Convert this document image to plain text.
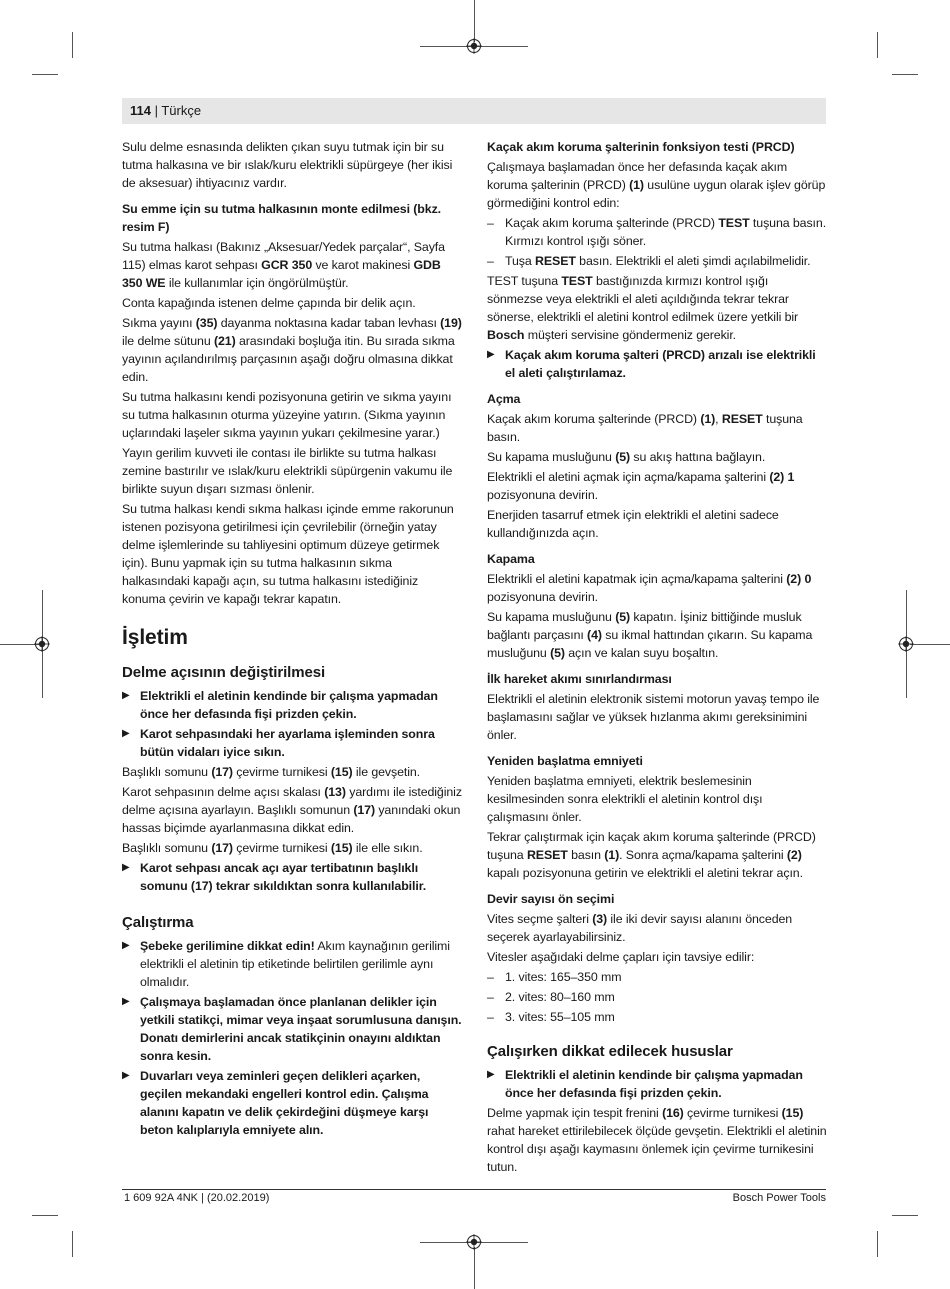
114 | Türkçe

Sulu delme esnasında delikten çıkan suyu tutmak için bir su tutma halkasına ve bir ıslak/kuru elektrikli süpürgeye (her ikisi de aksesuar) ihtiyacınız vardır.

Su emme için su tutma halkasının monte edilmesi (bkz. resim F)

Su tutma halkası (Bakınız „Aksesuar/Yedek parçalar“, Sayfa 115) elmas karot sehpası GCR 350 ve karot makinesi GDB 350 WE ile kullanımlar için öngörülmüştür.

Conta kapağında istenen delme çapında bir delik açın.

Sıkma yayını (35) dayanma noktasına kadar taban levhası (19) ile delme sütunu (21) arasındaki boşluğa itin. Bu sırada sıkma yayının açılandırılmış parçasının aşağı doğru olmasına dikkat edin.

Su tutma halkasını kendi pozisyonuna getirin ve sıkma yayını su tutma halkasının oturma yüzeyine yatırın. (Sıkma yayının uçlarındaki laşeler sıkma yayının yukarı çekilmesine yarar.)

Yayın gerilim kuvveti ile contası ile birlikte su tutma halkası zemine bastırılır ve ıslak/kuru elektrikli süpürgenin vakumu ile birlikte suyun dışarı sızması önlenir.

Su tutma halkası kendi sıkma halkası içinde emme rakorunun istenen pozisyona getirilmesi için çevrilebilir (örneğin yatay delme işlemlerinde su tahliyesini optimum düzeye getirmek için). Bunu yapmak için su tutma halkasının sıkma halkasındaki kapağı açın, su tutma halkasını istediğiniz konuma çevirin ve kapağı tekrar kapatın.

İşletim
Delme açısının değiştirilmesi

▶ Elektrikli el aletinin kendinde bir çalışma yapmadan önce her defasında fişi prizden çekin.

▶ Karot sehpasındaki her ayarlama işleminden sonra bütün vidaları iyice sıkın.

Başlıklı somunu (17) çevirme turnikesi (15) ile gevşetin.

Karot sehpasının delme açısı skalası (13) yardımı ile istediğiniz delme açısına ayarlayın. Başlıklı somunun (17) yanındaki okun hassas biçimde ayarlanmasına dikkat edin.

Başlıklı somunu (17) çevirme turnikesi (15) ile elle sıkın.

▶ Karot sehpası ancak açı ayar tertibatının başlıklı somunu (17) tekrar sıkıldıktan sonra kullanılabilir.

Çalıştırma

▶ Şebeke gerilimine dikkat edin! Akım kaynağının gerilimi elektrikli el aletinin tip etiketinde belirtilen gerilimle aynı olmalıdır.

▶ Çalışmaya başlamadan önce planlanan delikler için yetkili statikçi, mimar veya inşaat sorumlusuna danışın. Donatı demirlerini ancak statikçinin onayını aldıktan sonra kesin.

▶ Duvarları veya zeminleri geçen delikleri açarken, geçilen mekandaki engelleri kontrol edin. Çalışma alanını kapatın ve delik çekirdeğini düşmeye karşı beton kalıplarıyla emniyete alın.

Kaçak akım koruma şalterinin fonksiyon testi (PRCD)

Çalışmaya başlamadan önce her defasında kaçak akım koruma şalterinin (PRCD) (1) usulüne uygun olarak işlev görüp görmediğini kontrol edin:

– Kaçak akım koruma şalterinde (PRCD) TEST tuşuna basın. Kırmızı kontrol ışığı söner.

– Tuşa RESET basın. Elektrikli el aleti şimdi açılabilmelidir.

TEST tuşuna TEST bastığınızda kırmızı kontrol ışığı sönmezse veya elektrikli el aleti açıldığında tekrar tekrar sönerse, elektrikli el aletini kontrol edilmek üzere yetkili bir Bosch müşteri servisine göndermeniz gerekir.

▶ Kaçak akım koruma şalteri (PRCD) arızalı ise elektrikli el aleti çalıştırılamaz.

Açma

Kaçak akım koruma şalterinde (PRCD) (1), RESET tuşuna basın.

Su kapama musluğunu (5) su akış hattına bağlayın.

Elektrikli el aletini açmak için açma/kapama şalterini (2) 1 pozisyonuna devirin.

Enerjiden tasarruf etmek için elektrikli el aletini sadece kullandığınızda açın.

Kapama

Elektrikli el aletini kapatmak için açma/kapama şalterini (2) 0 pozisyonuna devirin.

Su kapama musluğunu (5) kapatın. İşiniz bittiğinde musluk bağlantı parçasını (4) su ikmal hattından çıkarın. Su kapama musluğunu (5) açın ve kalan suyu boşaltın.

İlk hareket akımı sınırlandırması

Elektrikli el aletinin elektronik sistemi motorun yavaş tempo ile başlamasını sağlar ve yüksek hızlanma akımı gereksinimini önler.

Yeniden başlatma emniyeti

Yeniden başlatma emniyeti, elektrik beslemesinin kesilmesinden sonra elektrikli el aletinin kontrol dışı çalışmasını önler.

Tekrar çalıştırmak için kaçak akım koruma şalterinde (PRCD) tuşuna RESET basın (1). Sonra açma/kapama şalterini (2) kapalı pozisyonuna getirin ve elektrikli el aletini tekrar açın.

Devir sayısı ön seçimi

Vites seçme şalteri (3) ile iki devir sayısı alanını önceden seçerek ayarlayabilirsiniz.

Vitesler aşağıdaki delme çapları için tavsiye edilir:

– 1. vites: 165–350 mm

– 2. vites: 80–160 mm

– 3. vites: 55–105 mm

Çalışırken dikkat edilecek hususlar

▶ Elektrikli el aletinin kendinde bir çalışma yapmadan önce her defasında fişi prizden çekin.

Delme yapmak için tespit frenini (16) çevirme turnikesi (15) rahat hareket ettirilebilecek ölçüde gevşetin. Elektrikli el aletinin kontrol dışı aşağı kaymasını önlemek için çevirme turnikesini tutun.

1 609 92A 4NK | (20.02.2019)	Bosch Power Tools
